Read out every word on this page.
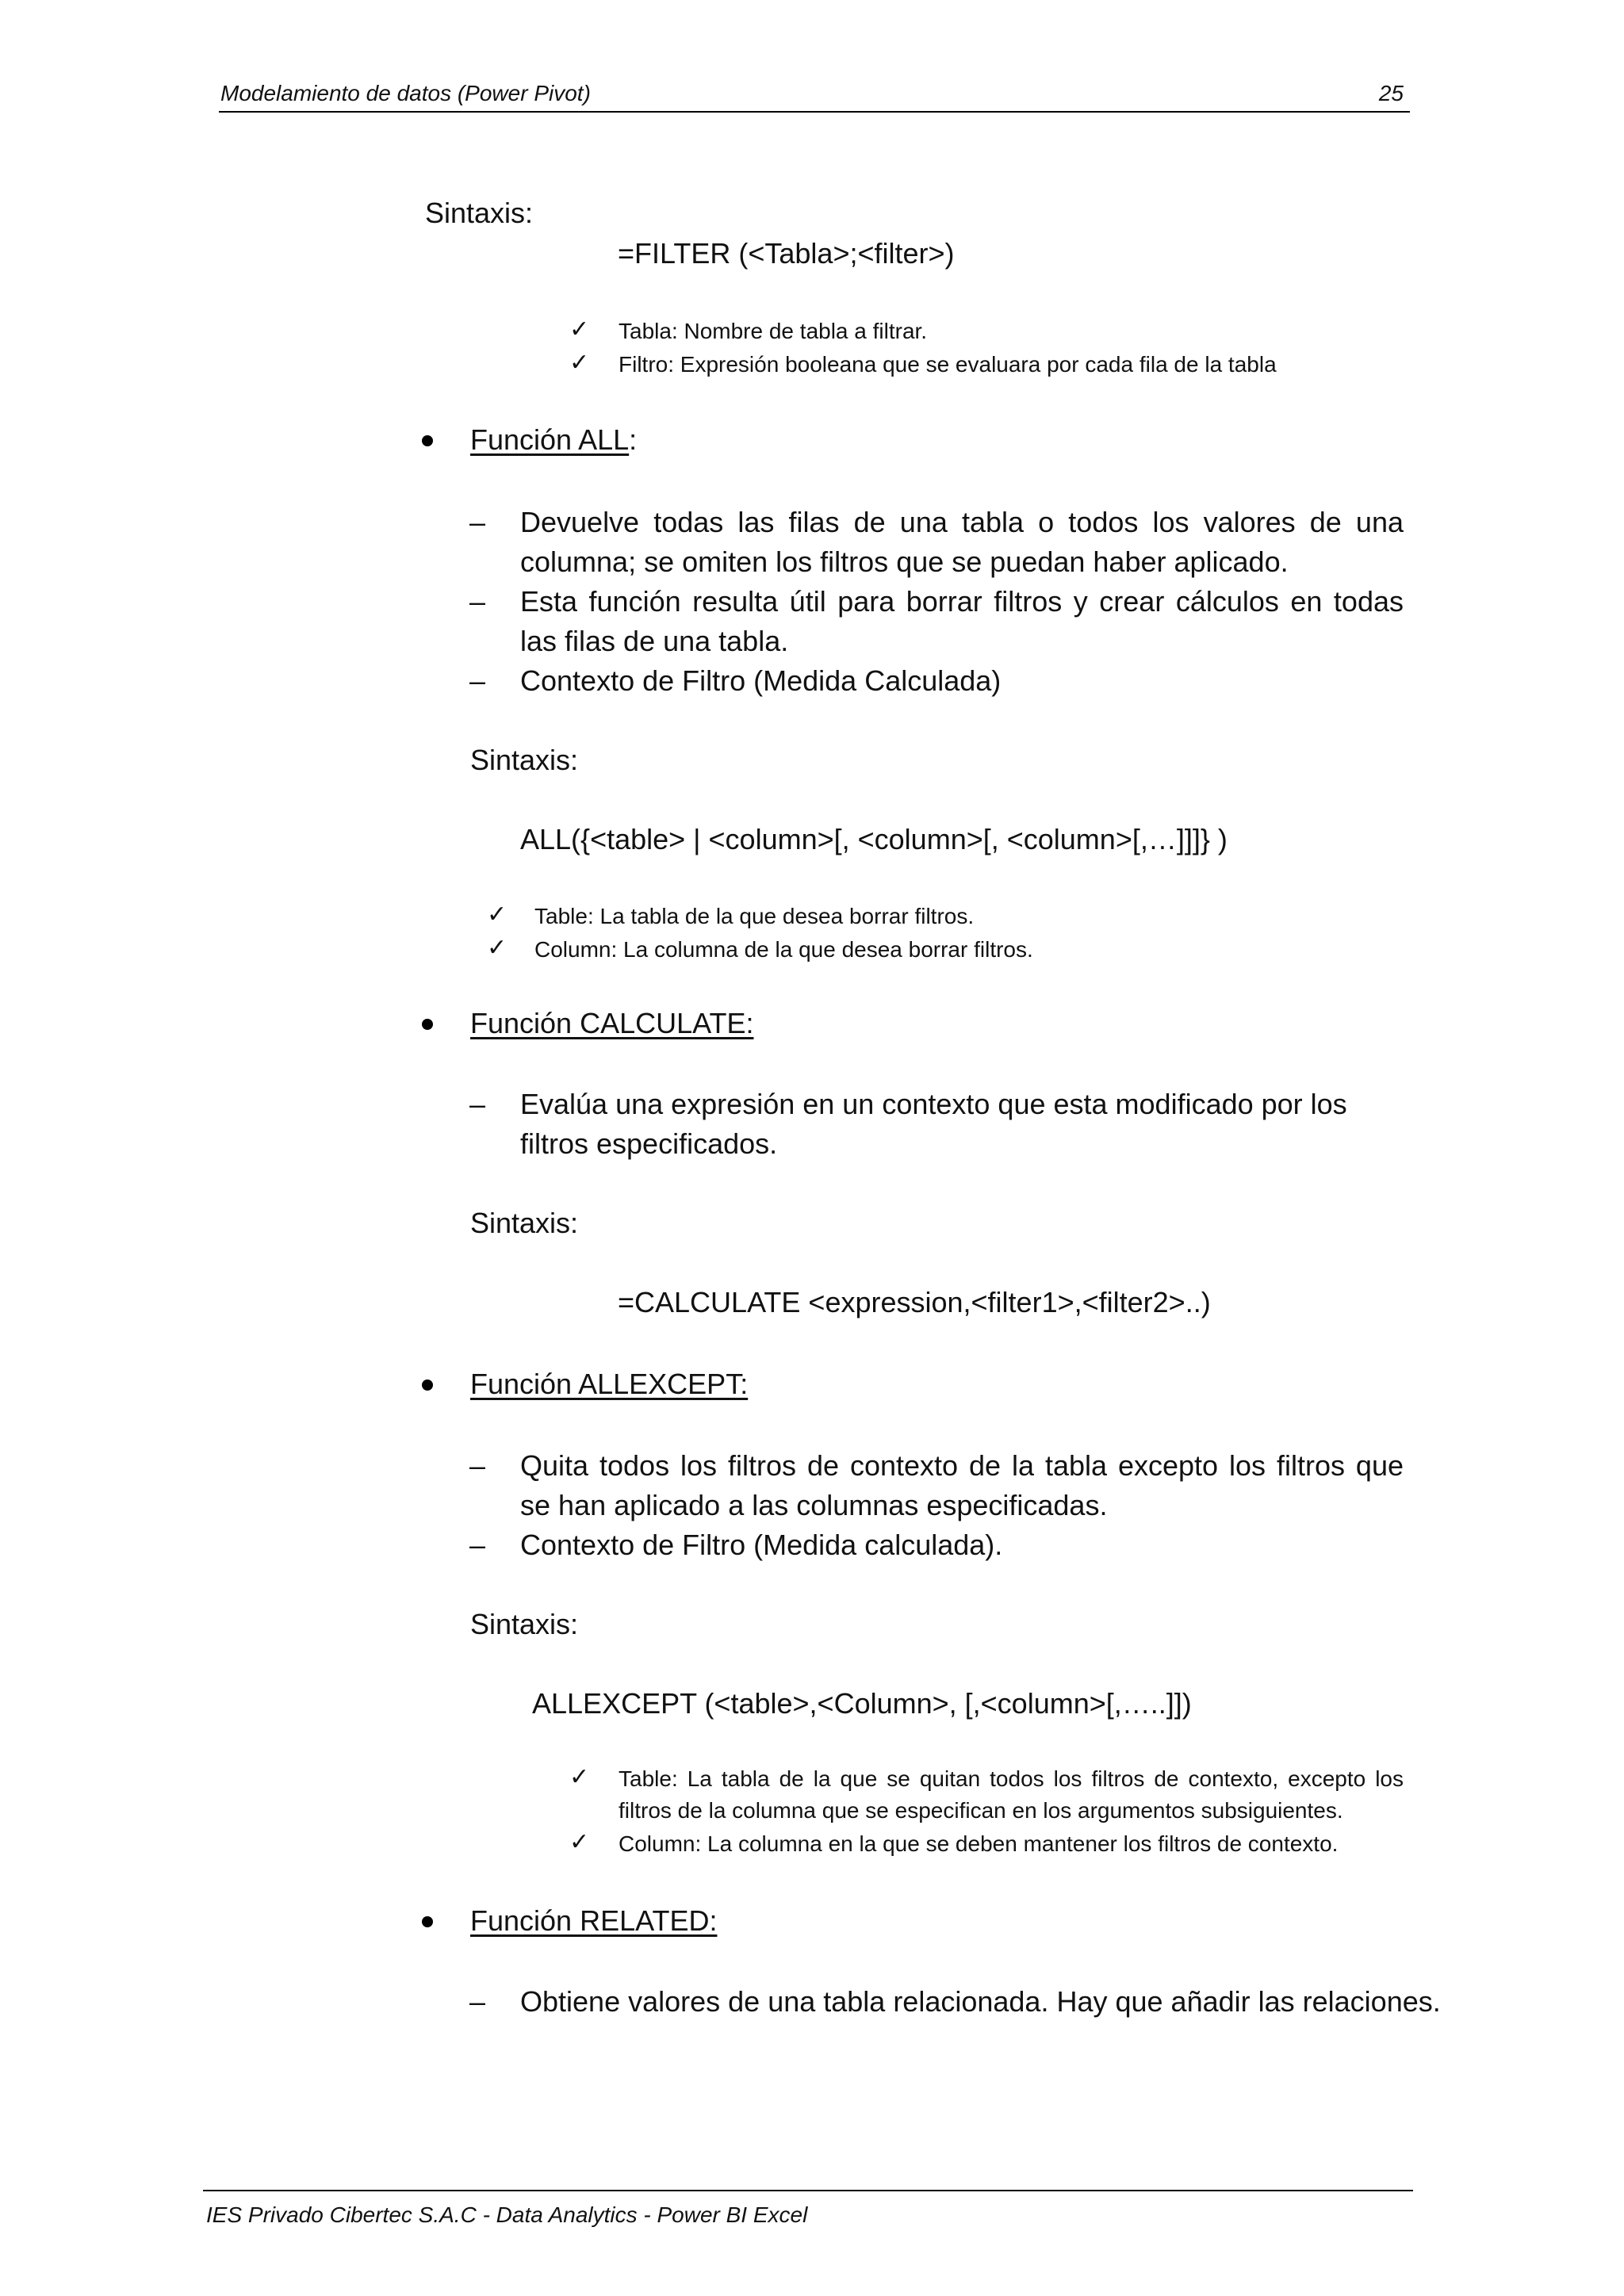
Modelamiento de datos (Power Pivot)	25
Sintaxis:
=FILTER (<Tabla>;<filter>)
✓ Tabla: Nombre de tabla a filtrar.
✓ Filtro: Expresión booleana que se evaluara por cada fila de la tabla
Función ALL:
– Devuelve todas las filas de una tabla o todos los valores de una columna; se omiten los filtros que se puedan haber aplicado.
– Esta función resulta útil para borrar filtros y crear cálculos en todas las filas de una tabla.
– Contexto de Filtro (Medida Calculada)
Sintaxis:
ALL({<table> | <column>[, <column>[, <column>[,…]]]} )
✓ Table: La tabla de la que desea borrar filtros.
✓ Column: La columna de la que desea borrar filtros.
Función CALCULATE:
– Evalúa una expresión en un contexto que esta modificado por los filtros especificados.
Sintaxis:
=CALCULATE <expression,<filter1>,<filter2>..)
Función ALLEXCEPT:
– Quita todos los filtros de contexto de la tabla excepto los filtros que se han aplicado a las columnas especificadas.
– Contexto de Filtro (Medida calculada).
Sintaxis:
ALLEXCEPT (<table>,<Column>, [,<column>[,…..]])
✓ Table: La tabla de la que se quitan todos los filtros de contexto, excepto los filtros de la columna que se especifican en los argumentos subsiguientes.
✓ Column: La columna en la que se deben mantener los filtros de contexto.
Función RELATED:
– Obtiene valores de una tabla relacionada. Hay que añadir las relaciones.
IES Privado Cibertec S.A.C - Data Analytics - Power BI Excel
